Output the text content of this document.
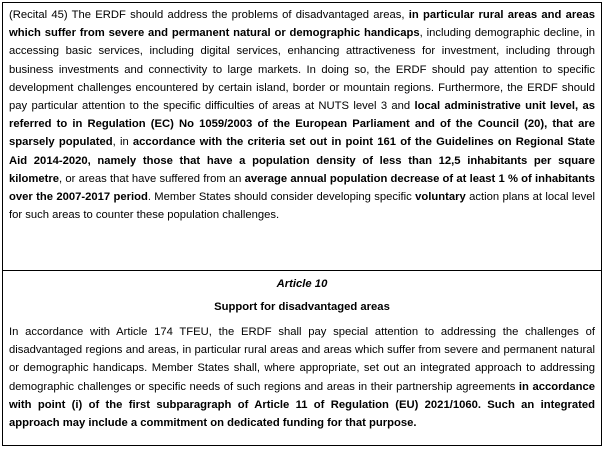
(Recital 45) The ERDF should address the problems of disadvantaged areas, in particular rural areas and areas which suffer from severe and permanent natural or demographic handicaps, including demographic decline, in accessing basic services, including digital services, enhancing attractiveness for investment, including through business investments and connectivity to large markets. In doing so, the ERDF should pay attention to specific development challenges encountered by certain island, border or mountain regions. Furthermore, the ERDF should pay particular attention to the specific difficulties of areas at NUTS level 3 and local administrative unit level, as referred to in Regulation (EC) No 1059/2003 of the European Parliament and of the Council (20), that are sparsely populated, in accordance with the criteria set out in point 161 of the Guidelines on Regional State Aid 2014-2020, namely those that have a population density of less than 12,5 inhabitants per square kilometre, or areas that have suffered from an average annual population decrease of at least 1 % of inhabitants over the 2007-2017 period. Member States should consider developing specific voluntary action plans at local level for such areas to counter these population challenges.

Article 10

Support for disadvantaged areas

In accordance with Article 174 TFEU, the ERDF shall pay special attention to addressing the challenges of disadvantaged regions and areas, in particular rural areas and areas which suffer from severe and permanent natural or demographic handicaps. Member States shall, where appropriate, set out an integrated approach to addressing demographic challenges or specific needs of such regions and areas in their partnership agreements in accordance with point (i) of the first subparagraph of Article 11 of Regulation (EU) 2021/1060. Such an integrated approach may include a commitment on dedicated funding for that purpose.
